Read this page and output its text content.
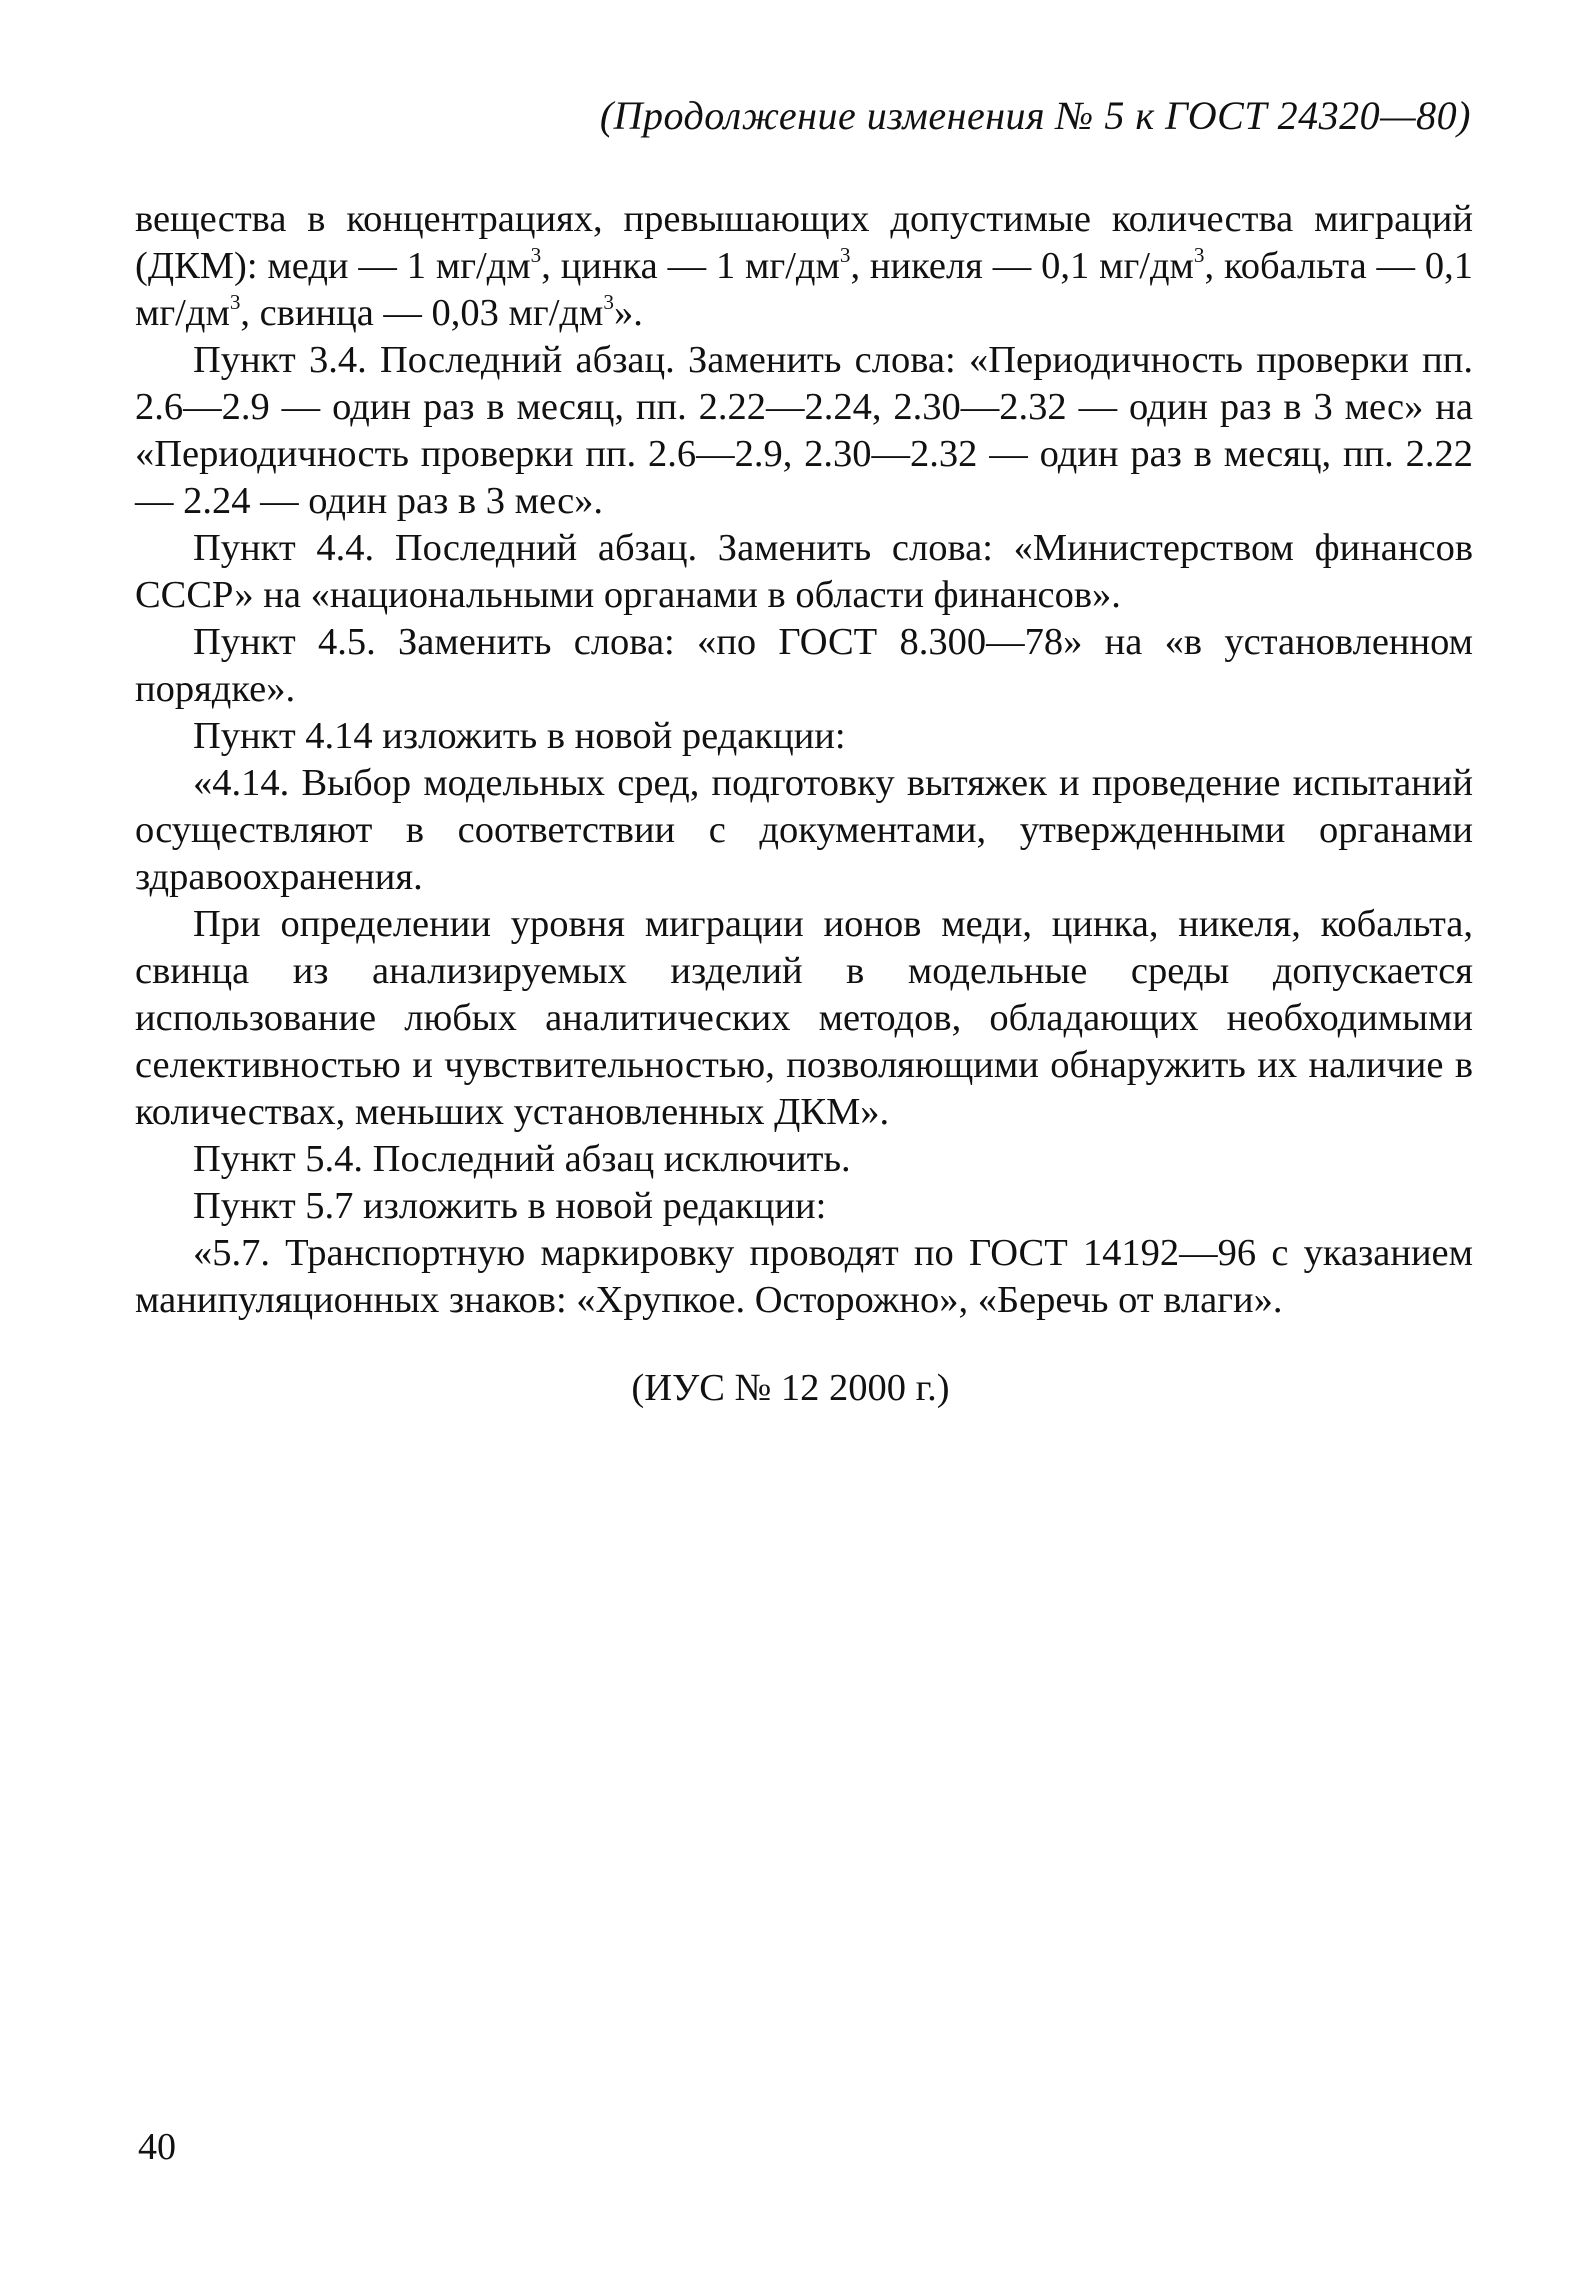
(Продолжение изменения № 5 к ГОСТ 24320—80)

вещества в концентрациях, превышающих допустимые количества миграций (ДКМ): меди — 1 $мг/дм^3$, цинка — 1 $мг/дм^3$, никеля — 0,1 $мг/дм^3$, кобальта — 0,1 $мг/дм^3$, свинца — 0,03 $мг/дм^3$».

Пункт 3.4. Последний абзац. Заменить слова: «Периодичность проверки пп. 2.6—2.9 — один раз в месяц, пп. 2.22—2.24, 2.30—2.32 — один раз в 3 мес» на «Периодичность проверки пп. 2.6—2.9, 2.30—2.32 — один раз в месяц, пп. 2.22— 2.24 — один раз в 3 мес».

Пункт 4.4. Последний абзац. Заменить слова: «Министерством финансов СССР» на «национальными органами в области финансов».

Пункт 4.5. Заменить слова: «по ГОСТ 8.300—78» на «в установленном порядке».

Пункт 4.14 изложить в новой редакции:

«4.14. Выбор модельных сред, подготовку вытяжек и проведение испытаний осуществляют в соответствии с документами, утвержденными органами здравоохранения.

При определении уровня миграции ионов меди, цинка, никеля, кобальта, свинца из анализируемых изделий в модельные среды допускается использование любых аналитических методов, обладающих необходимыми селективностью и чувствительностью, позволяющими обнаружить их наличие в количествах, меньших установленных ДКМ».

Пункт 5.4. Последний абзац исключить.

Пункт 5.7 изложить в новой редакции:

«5.7. Транспортную маркировку проводят по ГОСТ 14192—96 с указанием манипуляционных знаков: «Хрупкое. Осторожно», «Беречь от влаги».

(ИУС № 12 2000 г.)
40
